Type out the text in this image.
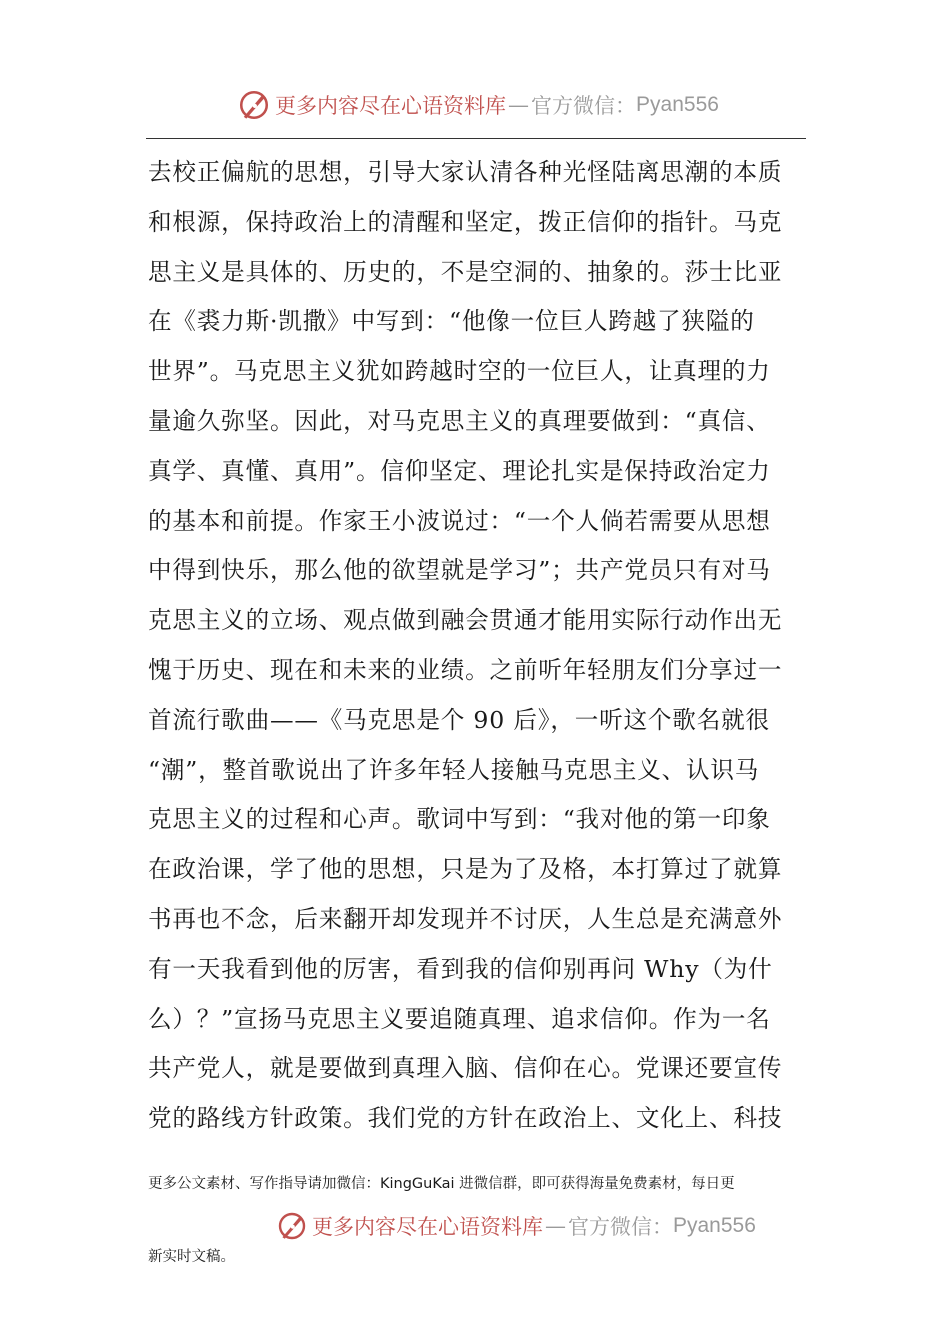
更多内容尽在心语资料库 — 官方微信： Pyan556
去校正偏航的思想，引导大家认清各种光怪陆离思潮的本质
和根源，保持政治上的清醒和坚定，拨正信仰的指针。马克
思主义是具体的、历史的，不是空洞的、抽象的。莎士比亚
在《裘力斯·凯撒》中写到：“他像一位巨人跨越了狭隘的
世界”。马克思主义犹如跨越时空的一位巨人，让真理的力
量逾久弥坚。因此，对马克思主义的真理要做到：“真信、
真学、真懂、真用”。信仰坚定、理论扎实是保持政治定力
的基本和前提。作家王小波说过：“一个人倘若需要从思想
中得到快乐，那么他的欲望就是学习”；共产党员只有对马
克思主义的立场、观点做到融会贯通才能用实际行动作出无
愧于历史、现在和未来的业绩。之前听年轻朋友们分享过一
首流行歌曲——《马克思是个 90 后》，一听这个歌名就很
“潮”，整首歌说出了许多年轻人接触马克思主义、认识马
克思主义的过程和心声。歌词中写到：“我对他的第一印象
在政治课，学了他的思想，只是为了及格，本打算过了就算
书再也不念，后来翻开却发现并不讨厌，人生总是充满意外
有一天我看到他的厉害，看到我的信仰别再问 Why（为什
么）？”宣扬马克思主义要追随真理、追求信仰。作为一名
共产党人，就是要做到真理入脑、信仰在心。党课还要宣传
党的路线方针政策。我们党的方针在政治上、文化上、科技
更多公文素材、写作指导请加微信：KingGuKai 进微信群，即可获得海量免费素材，每日更
更多内容尽在心语资料库 — 官方微信： Pyan556
新实时文稿。
